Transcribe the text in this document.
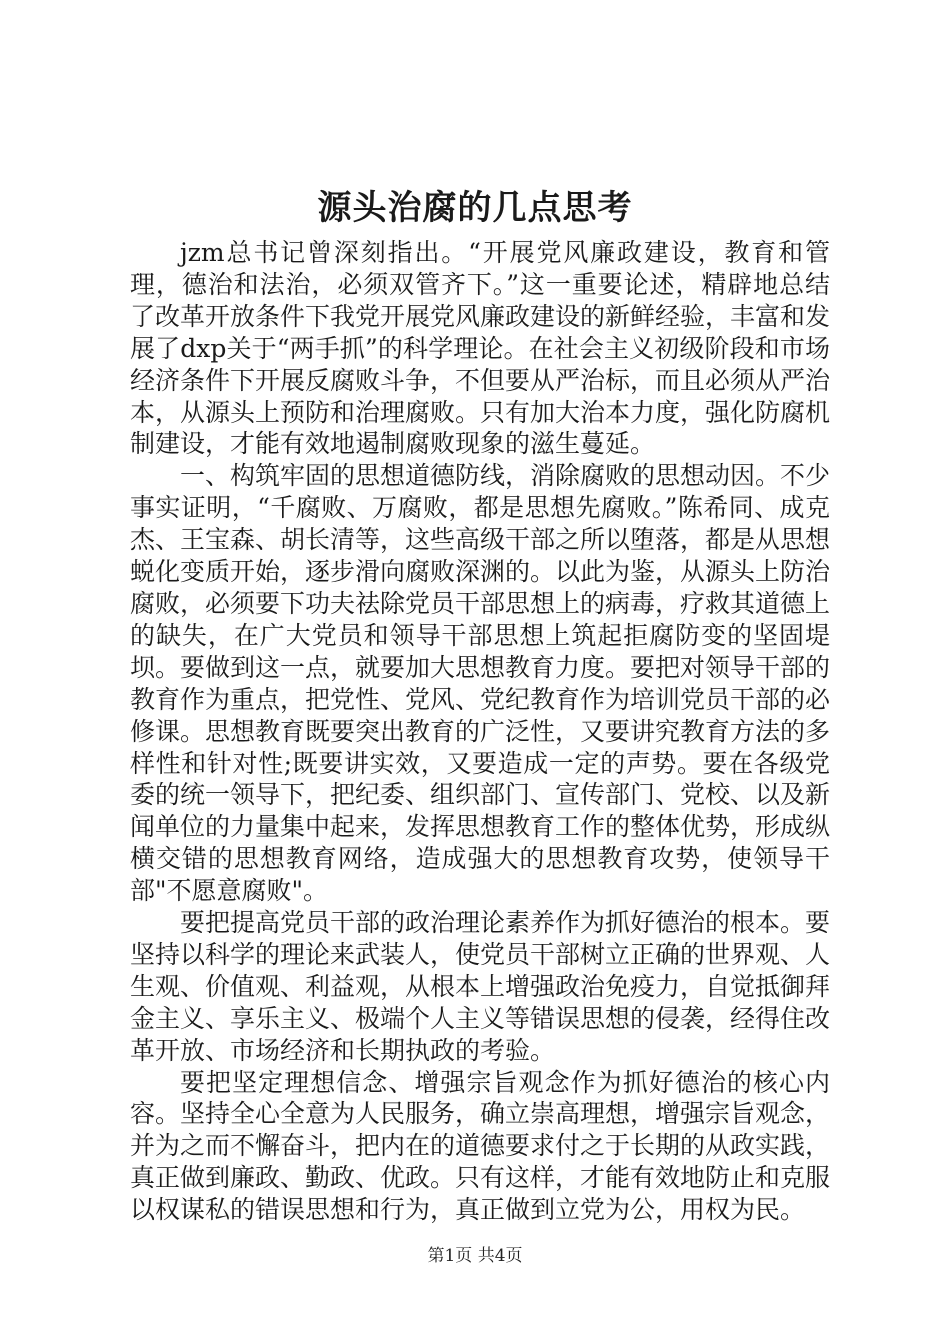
源头治腐的几点思考

jzm总书记曾深刻指出。“开展党风廉政建设，教育和管理，德治和法治，必须双管齐下。”这一重要论述，精辟地总结了改革开放条件下我党开展党风廉政建设的新鲜经验，丰富和发展了dxp关于“两手抓”的科学理论。在社会主义初级阶段和市场经济条件下开展反腐败斗争，不但要从严治标，而且必须从严治本，从源头上预防和治理腐败。只有加大治本力度，强化防腐机制建设，才能有效地遏制腐败现象的滋生蔓延。

一、构筑牢固的思想道德防线，消除腐败的思想动因。不少事实证明，“千腐败、万腐败，都是思想先腐败。”陈希同、成克杰、王宝森、胡长清等，这些高级干部之所以堕落，都是从思想蜕化变质开始，逐步滑向腐败深渊的。以此为鉴，从源头上防治腐败，必须要下功夫祛除党员干部思想上的病毒，疗救其道德上的缺失，在广大党员和领导干部思想上筑起拒腐防变的坚固堤坝。要做到这一点，就要加大思想教育力度。要把对领导干部的教育作为重点，把党性、党风、党纪教育作为培训党员干部的必修课。思想教育既要突出教育的广泛性，又要讲究教育方法的多样性和针对性;既要讲实效，又要造成一定的声势。要在各级党委的统一领导下，把纪委、组织部门、宣传部门、党校、以及新闻单位的力量集中起来，发挥思想教育工作的整体优势，形成纵横交错的思想教育网络，造成强大的思想教育攻势，使领导干部"不愿意腐败"。

要把提高党员干部的政治理论素养作为抓好德治的根本。要坚持以科学的理论来武装人，使党员干部树立正确的世界观、人生观、价值观、利益观，从根本上增强政治免疫力，自觉抵御拜金主义、享乐主义、极端个人主义等错误思想的侵袭，经得住改革开放、市场经济和长期执政的考验。

要把坚定理想信念、增强宗旨观念作为抓好德治的核心内容。坚持全心全意为人民服务，确立崇高理想，增强宗旨观念，并为之而不懈奋斗，把内在的道德要求付之于长期的从政实践，真正做到廉政、勤政、优政。只有这样，才能有效地防止和克服以权谋私的错误思想和行为，真正做到立党为公，用权为民。

第1页 共4页
